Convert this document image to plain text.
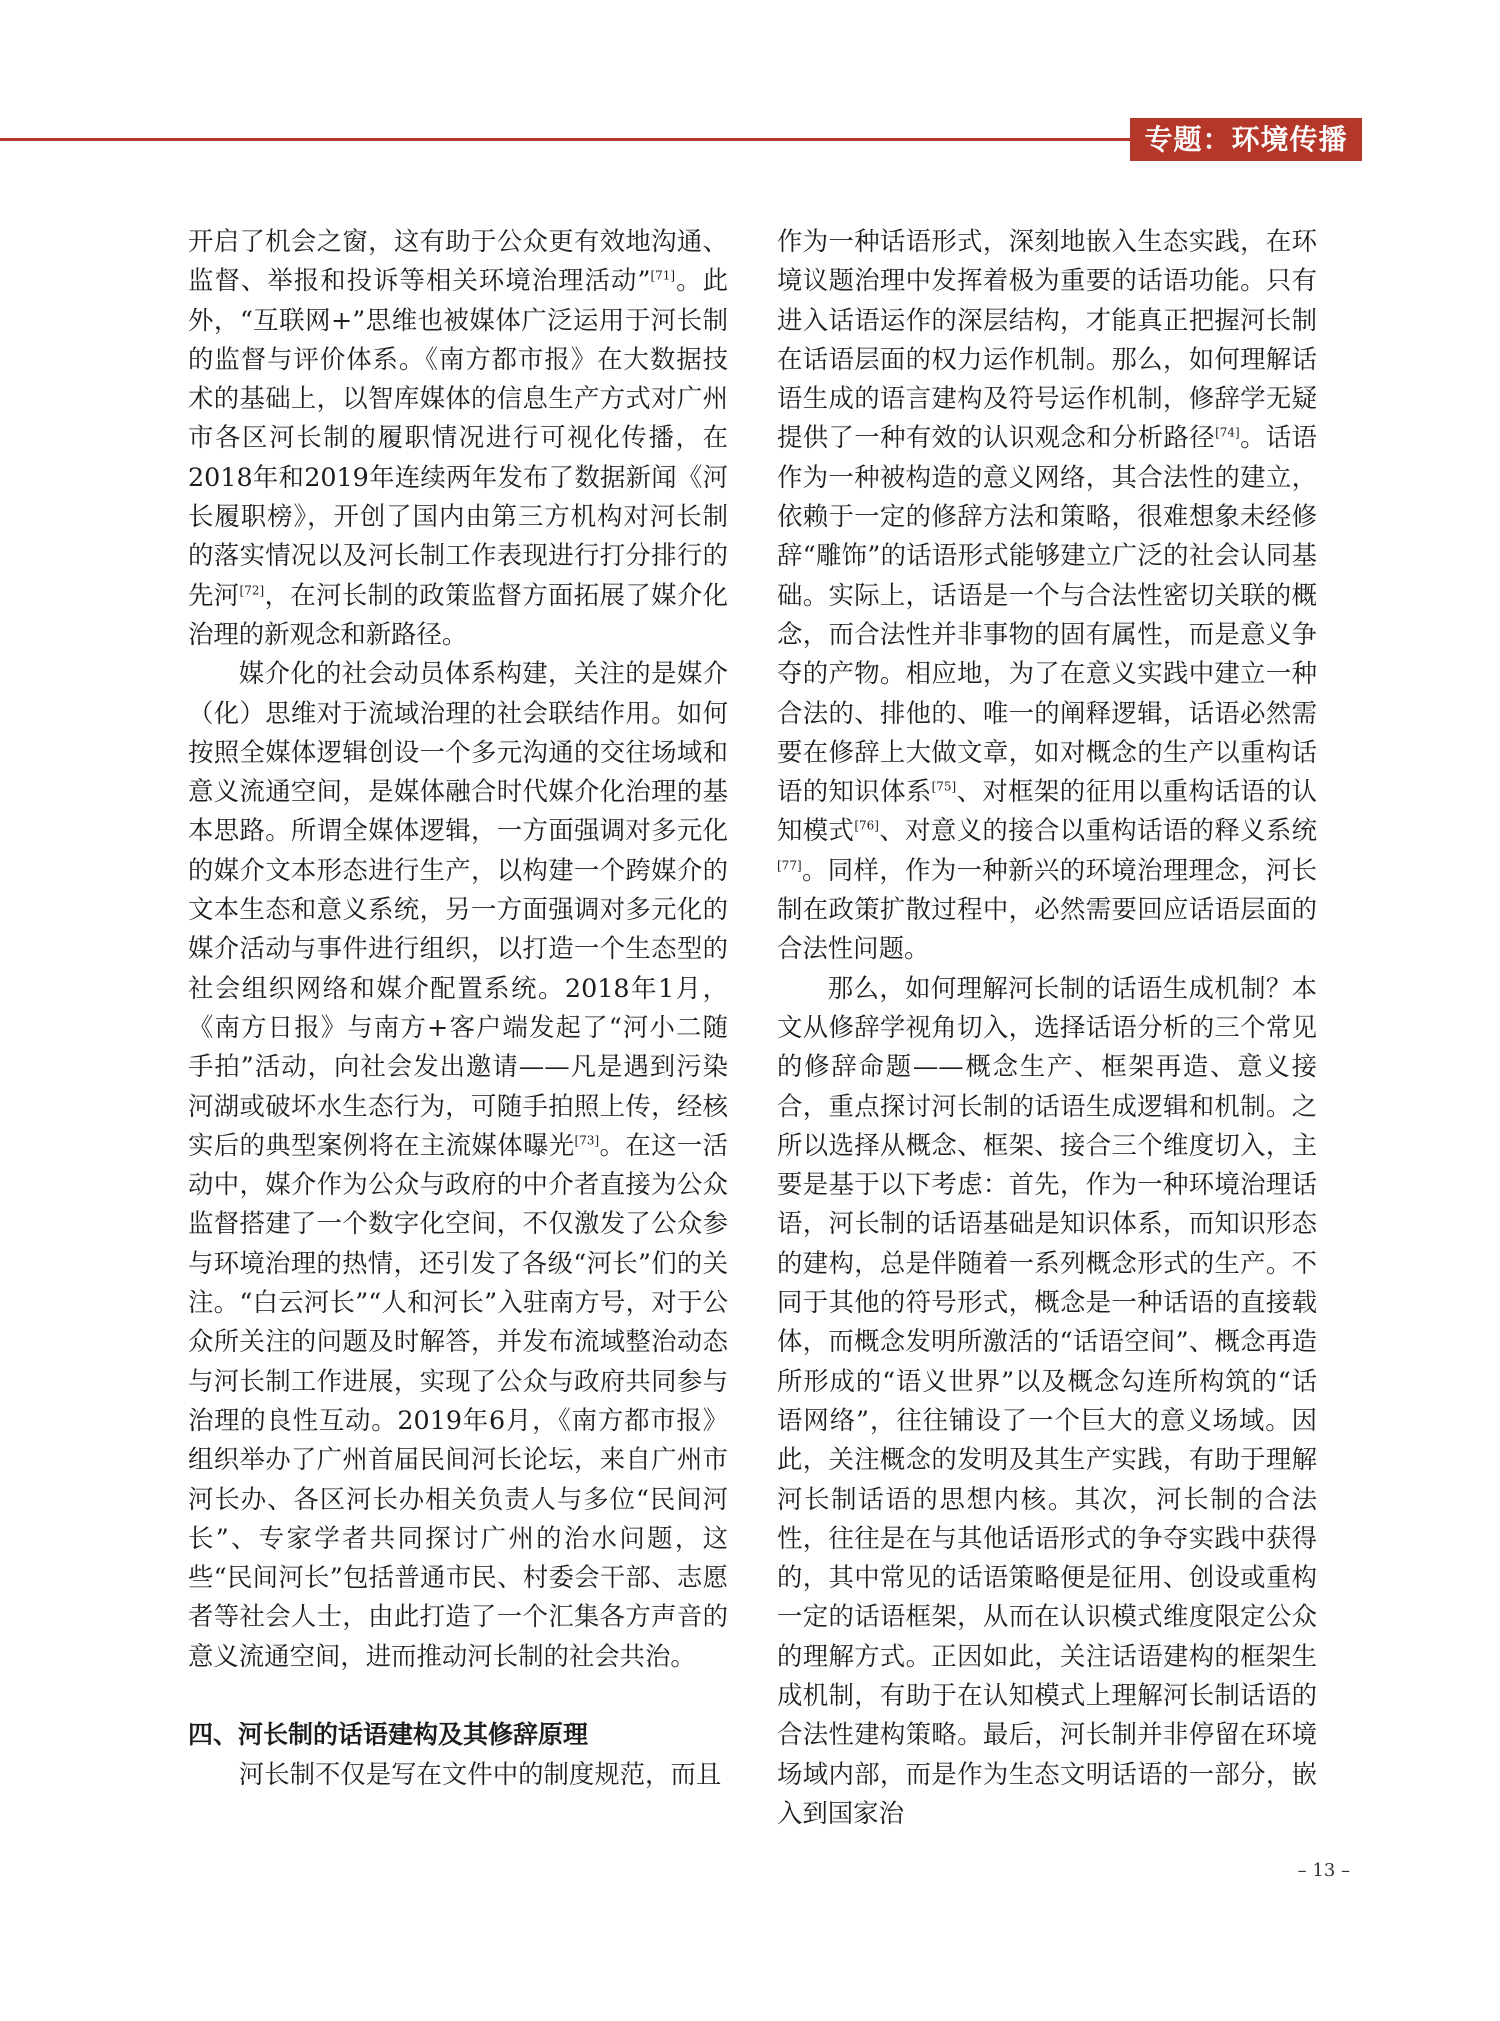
专题：环境传播

开启了机会之窗，这有助于公众更有效地沟通、监督、举报和投诉等相关环境治理活动”[71]。此外，“互联网+”思维也被媒体广泛运用于河长制的监督与评价体系。《南方都市报》在大数据技术的基础上，以智库媒体的信息生产方式对广州市各区河长制的履职情况进行可视化传播，在2018年和2019年连续两年发布了数据新闻《河长履职榜》，开创了国内由第三方机构对河长制的落实情况以及河长制工作表现进行打分排行的先河[72]，在河长制的政策监督方面拓展了媒介化治理的新观念和新路径。

媒介化的社会动员体系构建，关注的是媒介（化）思维对于流域治理的社会联结作用。如何按照全媒体逻辑创设一个多元沟通的交往场域和意义流通空间，是媒体融合时代媒介化治理的基本思路。所谓全媒体逻辑，一方面强调对多元化的媒介文本形态进行生产，以构建一个跨媒介的文本生态和意义系统，另一方面强调对多元化的媒介活动与事件进行组织，以打造一个生态型的社会组织网络和媒介配置系统。2018年1月，《南方日报》与南方+客户端发起了“河小二随手拍”活动，向社会发出邀请——凡是遇到污染河湖或破坏水生态行为，可随手拍照上传，经核实后的典型案例将在主流媒体曝光[73]。在这一活动中，媒介作为公众与政府的中介者直接为公众监督搭建了一个数字化空间，不仅激发了公众参与环境治理的热情，还引发了各级“河长”们的关注。“白云河长”“人和河长”入驻南方号，对于公众所关注的问题及时解答，并发布流域整治动态与河长制工作进展，实现了公众与政府共同参与治理的良性互动。2019年6月，《南方都市报》组织举办了广州首届民间河长论坛，来自广州市河长办、各区河长办相关负责人与多位“民间河长”、专家学者共同探讨广州的治水问题，这些“民间河长”包括普通市民、村委会干部、志愿者等社会人士，由此打造了一个汇集各方声音的意义流通空间，进而推动河长制的社会共治。

四、河长制的话语建构及其修辞原理

河长制不仅是写在文件中的制度规范，而且

作为一种话语形式，深刻地嵌入生态实践，在环境议题治理中发挥着极为重要的话语功能。只有进入话语运作的深层结构，才能真正把握河长制在话语层面的权力运作机制。那么，如何理解话语生成的语言建构及符号运作机制，修辞学无疑提供了一种有效的认识观念和分析路径[74]。话语作为一种被构造的意义网络，其合法性的建立，依赖于一定的修辞方法和策略，很难想象未经修辞“雕饰”的话语形式能够建立广泛的社会认同基础。实际上，话语是一个与合法性密切关联的概念，而合法性并非事物的固有属性，而是意义争夺的产物。相应地，为了在意义实践中建立一种合法的、排他的、唯一的阐释逻辑，话语必然需要在修辞上大做文章，如对概念的生产以重构话语的知识体系[75]、对框架的征用以重构话语的认知模式[76]、对意义的接合以重构话语的释义系统[77]。同样，作为一种新兴的环境治理理念，河长制在政策扩散过程中，必然需要回应话语层面的合法性问题。

那么，如何理解河长制的话语生成机制？本文从修辞学视角切入，选择话语分析的三个常见的修辞命题——概念生产、框架再造、意义接合，重点探讨河长制的话语生成逻辑和机制。之所以选择从概念、框架、接合三个维度切入，主要是基于以下考虑：首先，作为一种环境治理话语，河长制的话语基础是知识体系，而知识形态的建构，总是伴随着一系列概念形式的生产。不同于其他的符号形式，概念是一种话语的直接载体，而概念发明所激活的“话语空间”、概念再造所形成的“语义世界”以及概念勾连所构筑的“话语网络”，往往铺设了一个巨大的意义场域。因此，关注概念的发明及其生产实践，有助于理解河长制话语的思想内核。其次，河长制的合法性，往往是在与其他话语形式的争夺实践中获得的，其中常见的话语策略便是征用、创设或重构一定的话语框架，从而在认识模式维度限定公众的理解方式。正因如此，关注话语建构的框架生成机制，有助于在认知模式上理解河长制话语的合法性建构策略。最后，河长制并非停留在环境场域内部，而是作为生态文明话语的一部分，嵌入到国家治

– 13 –
